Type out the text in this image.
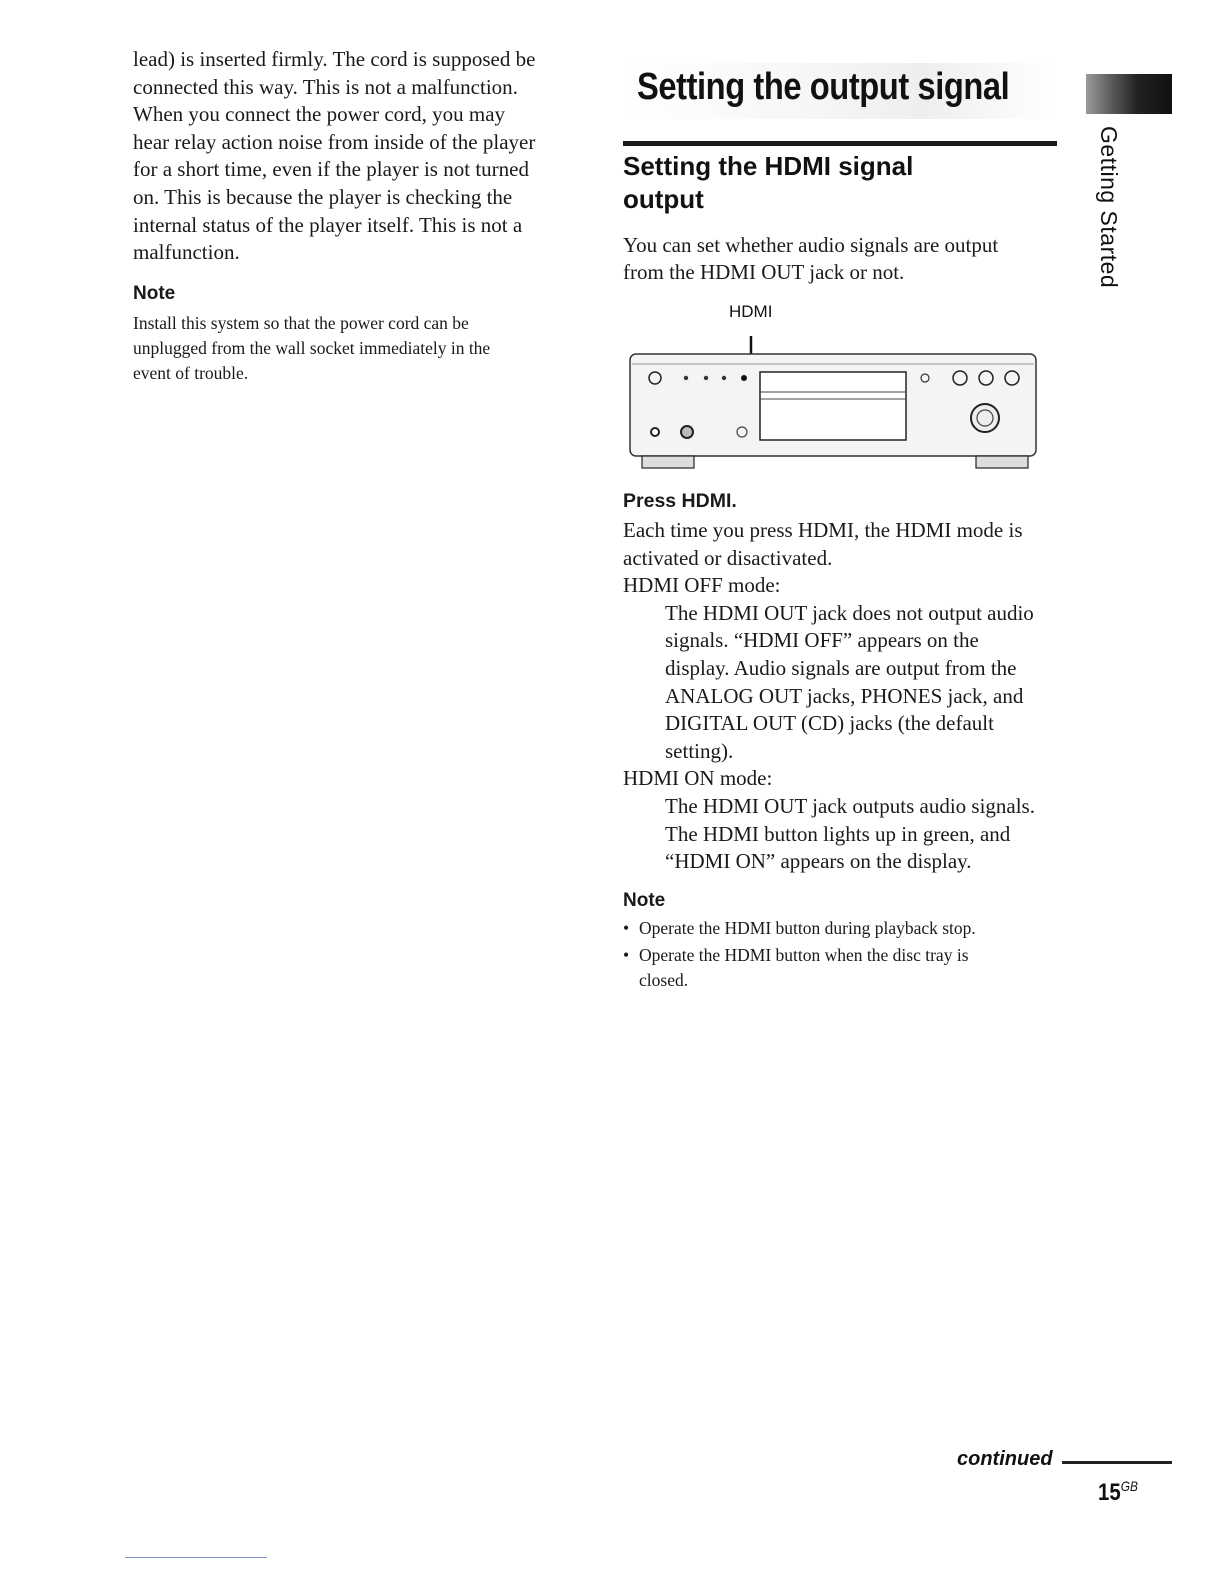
lead) is inserted firmly. The cord is supposed be
connected this way. This is not a malfunction.
When you connect the power cord, you may
hear relay action noise from inside of the player
for a short time, even if the player is not turned
on. This is because the player is checking the
internal status of the player itself. This is not a
malfunction.

Note

Install this system so that the power cord can be
unplugged from the wall socket immediately in the
event of trouble.

Setting the output signal
Getting Started
Setting the HDMI signal
output

You can set whether audio signals are output
from the HDMI OUT jack or not.

HDMI

Press HDMI.

Each time you press HDMI, the HDMI mode is
activated or disactivated.

HDMI OFF mode:

The HDMI OUT jack does not output audio
signals. “HDMI OFF” appears on the
display. Audio signals are output from the
ANALOG OUT jacks, PHONES jack, and
DIGITAL OUT (CD) jacks (the default
setting).

HDMI ON mode:

The HDMI OUT jack outputs audio signals.
The HDMI button lights up in green, and
“HDMI ON” appears on the display.

Note

• Operate the HDMI button during playback stop.
• Operate the HDMI button when the disc tray is
closed.
continued
$15^{GB}$
